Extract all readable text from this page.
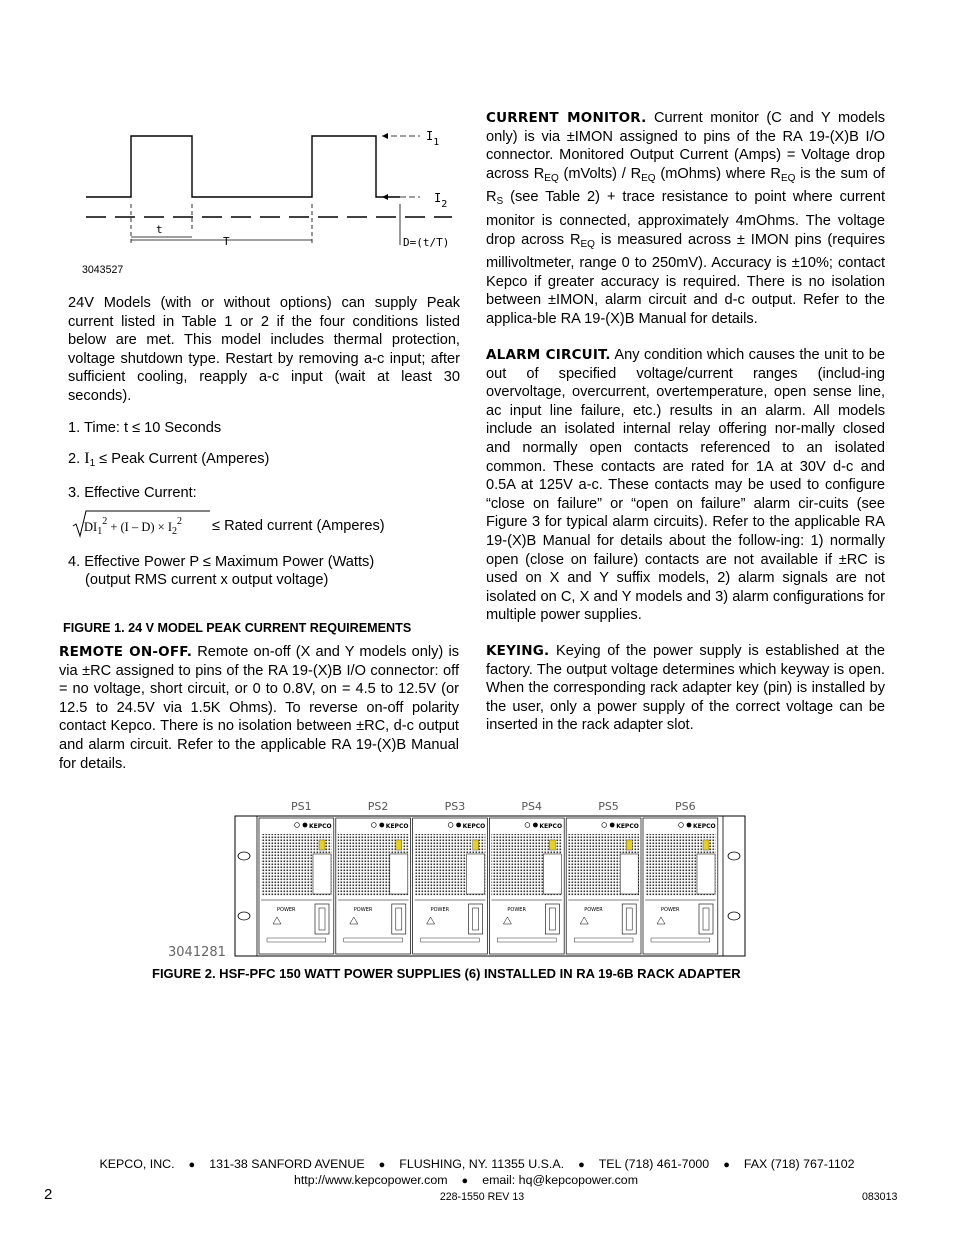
$I_1$
$I_2$
t
T	D=(t/T)
3043527
24V Models (with or without options) can supply Peak current listed in Table 1 or 2 if the four conditions listed below are met. This model includes thermal protection, voltage shutdown type. Restart by removing a-c input; after sufficient cooling, reapply a-c input (wait at least 30 seconds).
1. Time: t ≤ 10 Seconds
2. $I_1$ ≤ Peak Current (Amperes)
3. Effective Current:
$DI_1^2 + (I - D) \times I_2^2$ ≤ Rated current (Amperes)
4. Effective Power P ≤ Maximum Power (Watts)
(output RMS current x output voltage)
FIGURE 1. 24 V MODEL PEAK CURRENT REQUIREMENTS
REMOTE ON-OFF. Remote on-off (X and Y models only) is via ±RC assigned to pins of the RA 19-(X)B I/O connector: off = no voltage, short circuit, or 0 to 0.8V, on = 4.5 to 12.5V (or 12.5 to 24.5V via 1.5K Ohms). To reverse on-off polarity contact Kepco. There is no isolation between ±RC, d-c output and alarm circuit. Refer to the applicable RA 19-(X)B Manual for details.
CURRENT MONITOR. Current monitor (C and Y models only) is via ±IMON assigned to pins of the RA 19-(X)B I/O connector. Monitored Output Current (Amps) = Voltage drop across $R_{EQ}$ (mVolts) / $R_{EQ}$ (mOhms) where $R_{EQ}$ is the sum of $R_S$ (see Table 2) + trace resistance to point where current monitor is connected, approximately 4mOhms. The voltage drop across $R_{EQ}$ is measured across ± IMON pins (requires millivoltmeter, range 0 to 250mV). Accuracy is ±10%; contact Kepco if greater accuracy is required. There is no isolation between ±IMON, alarm circuit and d-c output. Refer to the applica-ble RA 19-(X)B Manual for details.
ALARM CIRCUIT. Any condition which causes the unit to be out of specified voltage/current ranges (includ-ing overvoltage, overcurrent, overtemperature, open sense line, ac input line failure, etc.) results in an alarm. All models include an isolated internal relay offering nor-mally closed and normally open contacts referenced to an isolated common. These contacts are rated for 1A at 30V d-c and 0.5A at 125V a-c. These contacts may be used to configure “close on failure” or “open on failure” alarm cir-cuits (see Figure 3 for typical alarm circuits). Refer to the applicable RA 19-(X)B Manual for details about the follow-ing: 1) normally open (close on failure) contacts are not available if ±RC is used on X and Y suffix models, 2) alarm signals are not isolated on C, X and Y models and 3) alarm configurations for multiple power supplies.
KEYING. Keying of the power supply is established at the factory. The output voltage determines which keyway is open. When the corresponding rack adapter key (pin) is installed by the user, only a power supply of the correct voltage can be inserted in the rack adapter slot.
PS1
KEPCO
POWER
PS2
KEPCO
POWER
PS3
KEPCO
POWER
PS4
KEPCO
POWER
PS5
KEPCO
POWER
PS6
KEPCO
POWER
3041281
FIGURE 2. HSF-PFC 150 WATT POWER SUPPLIES (6) INSTALLED IN RA 19-6B RACK ADAPTER
KEPCO, INC. ● 131-38 SANFORD AVENUE ● FLUSHING, NY. 11355 U.S.A. ● TEL (718) 461-7000 ● FAX (718) 767-1102
http://www.kepcopower.com ● email: hq@kepcopower.com
2	228-1550 REV 13	083013
